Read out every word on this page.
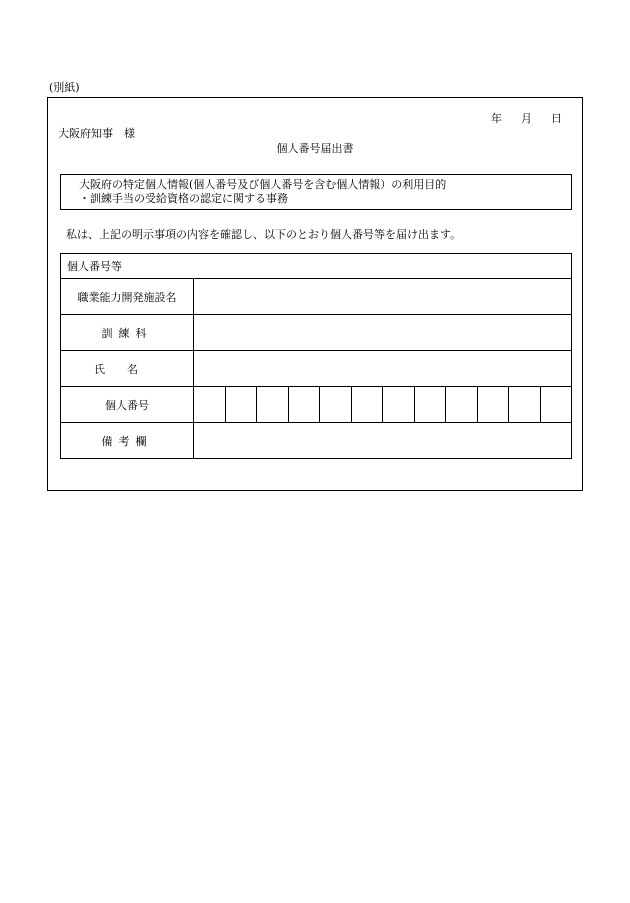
(別紙)
年	月	日
大阪府知事　様
個人番号届出書
大阪府の特定個人情報(個人番号及び個人番号を含む個人情報）の利用目的
・訓練手当の受給資格の認定に関する事務
私は、上記の明示事項の内容を確認し、以下のとおり個人番号等を届け出ます。
個人番号等												
職業能力開発施設名												
訓練科												
氏名												
個人番号												
備考欄												
